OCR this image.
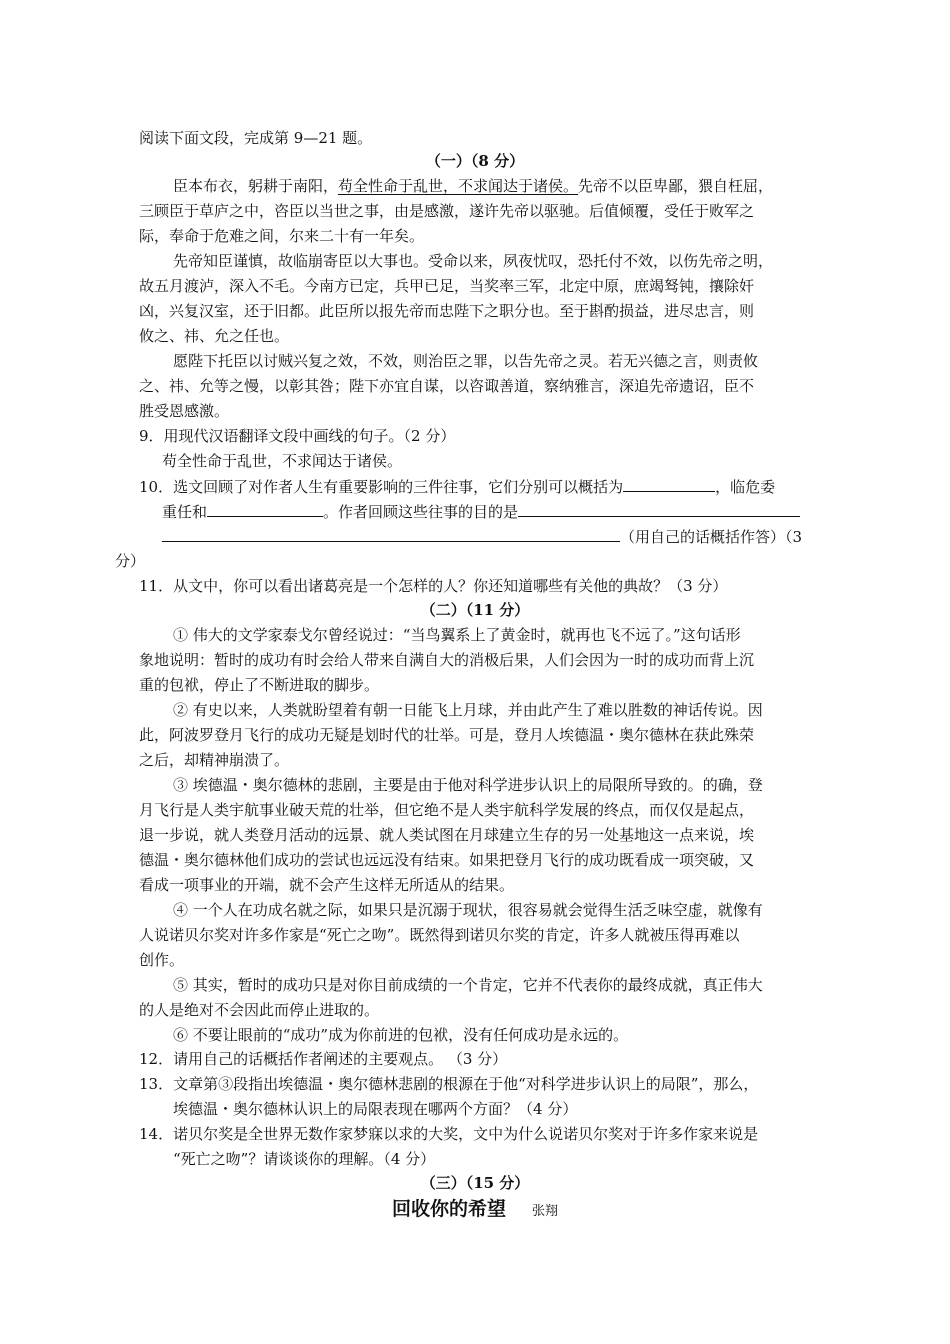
阅读下面文段，完成第 9—21 题。
（一）（8 分）
臣本布衣，躬耕于南阳，苟全性命于乱世，不求闻达于诸侯。先帝不以臣卑鄙，猥自枉屈，
三顾臣于草庐之中，咨臣以当世之事，由是感激，遂许先帝以驱驰。后值倾覆，受任于败军之
际，奉命于危难之间，尔来二十有一年矣。
先帝知臣谨慎，故临崩寄臣以大事也。受命以来，夙夜忧叹，恐托付不效，以伤先帝之明，
故五月渡泸，深入不毛。今南方已定，兵甲已足，当奖率三军，北定中原，庶竭驽钝，攘除奸
凶，兴复汉室，还于旧都。此臣所以报先帝而忠陛下之职分也。至于斟酌损益，进尽忠言，则
攸之、祎、允之任也。
愿陛下托臣以讨贼兴复之效，不效，则治臣之罪，以告先帝之灵。若无兴德之言，则责攸
之、祎、允等之慢，以彰其咎；陛下亦宜自谋，以咨诹善道，察纳雅言，深追先帝遗诏，臣不
胜受恩感激。
9．用现代汉语翻译文段中画线的句子。（2 分）
苟全性命于乱世，不求闻达于诸侯。
10．选文回顾了对作者人生有重要影响的三件往事，它们分别可以概括为	，临危委
重任和	。作者回顾这些往事的目的是
（用自己的话概括作答）（3
分）
11．从文中，你可以看出诸葛亮是一个怎样的人？你还知道哪些有关他的典故？（3 分）
（二）（11 分）
① 伟大的文学家泰戈尔曾经说过：“当鸟翼系上了黄金时，就再也飞不远了。”这句话形
象地说明：暂时的成功有时会给人带来自满自大的消极后果，人们会因为一时的成功而背上沉
重的包袱，停止了不断进取的脚步。
② 有史以来，人类就盼望着有朝一日能飞上月球，并由此产生了难以胜数的神话传说。因
此，阿波罗登月飞行的成功无疑是划时代的壮举。可是，登月人埃德温・奥尔德林在获此殊荣
之后，却精神崩溃了。
③ 埃德温・奥尔德林的悲剧，主要是由于他对科学进步认识上的局限所导致的。的确，登
月飞行是人类宇航事业破天荒的壮举，但它绝不是人类宇航科学发展的终点，而仅仅是起点，
退一步说，就人类登月活动的远景、就人类试图在月球建立生存的另一处基地这一点来说，埃
德温・奥尔德林他们成功的尝试也远远没有结束。如果把登月飞行的成功既看成一项突破，又
看成一项事业的开端，就不会产生这样无所适从的结果。
④ 一个人在功成名就之际，如果只是沉溺于现状，很容易就会觉得生活乏味空虚，就像有
人说诺贝尔奖对许多作家是“死亡之吻”。既然得到诺贝尔奖的肯定，许多人就被压得再难以
创作。
⑤ 其实，暂时的成功只是对你目前成绩的一个肯定，它并不代表你的最终成就，真正伟大
的人是绝对不会因此而停止进取的。
⑥ 不要让眼前的“成功”成为你前进的包袱，没有任何成功是永远的。
12．请用自己的话概括作者阐述的主要观点。 （3 分）
13．文章第③段指出埃德温・奥尔德林悲剧的根源在于他“对科学进步认识上的局限”，那么，
埃德温・奥尔德林认识上的局限表现在哪两个方面？（4 分）
14．诺贝尔奖是全世界无数作家梦寐以求的大奖，文中为什么说诺贝尔奖对于许多作家来说是
“死亡之吻”？请谈谈你的理解。（4 分）
（三）（15 分）
回收你的希望 张翔
